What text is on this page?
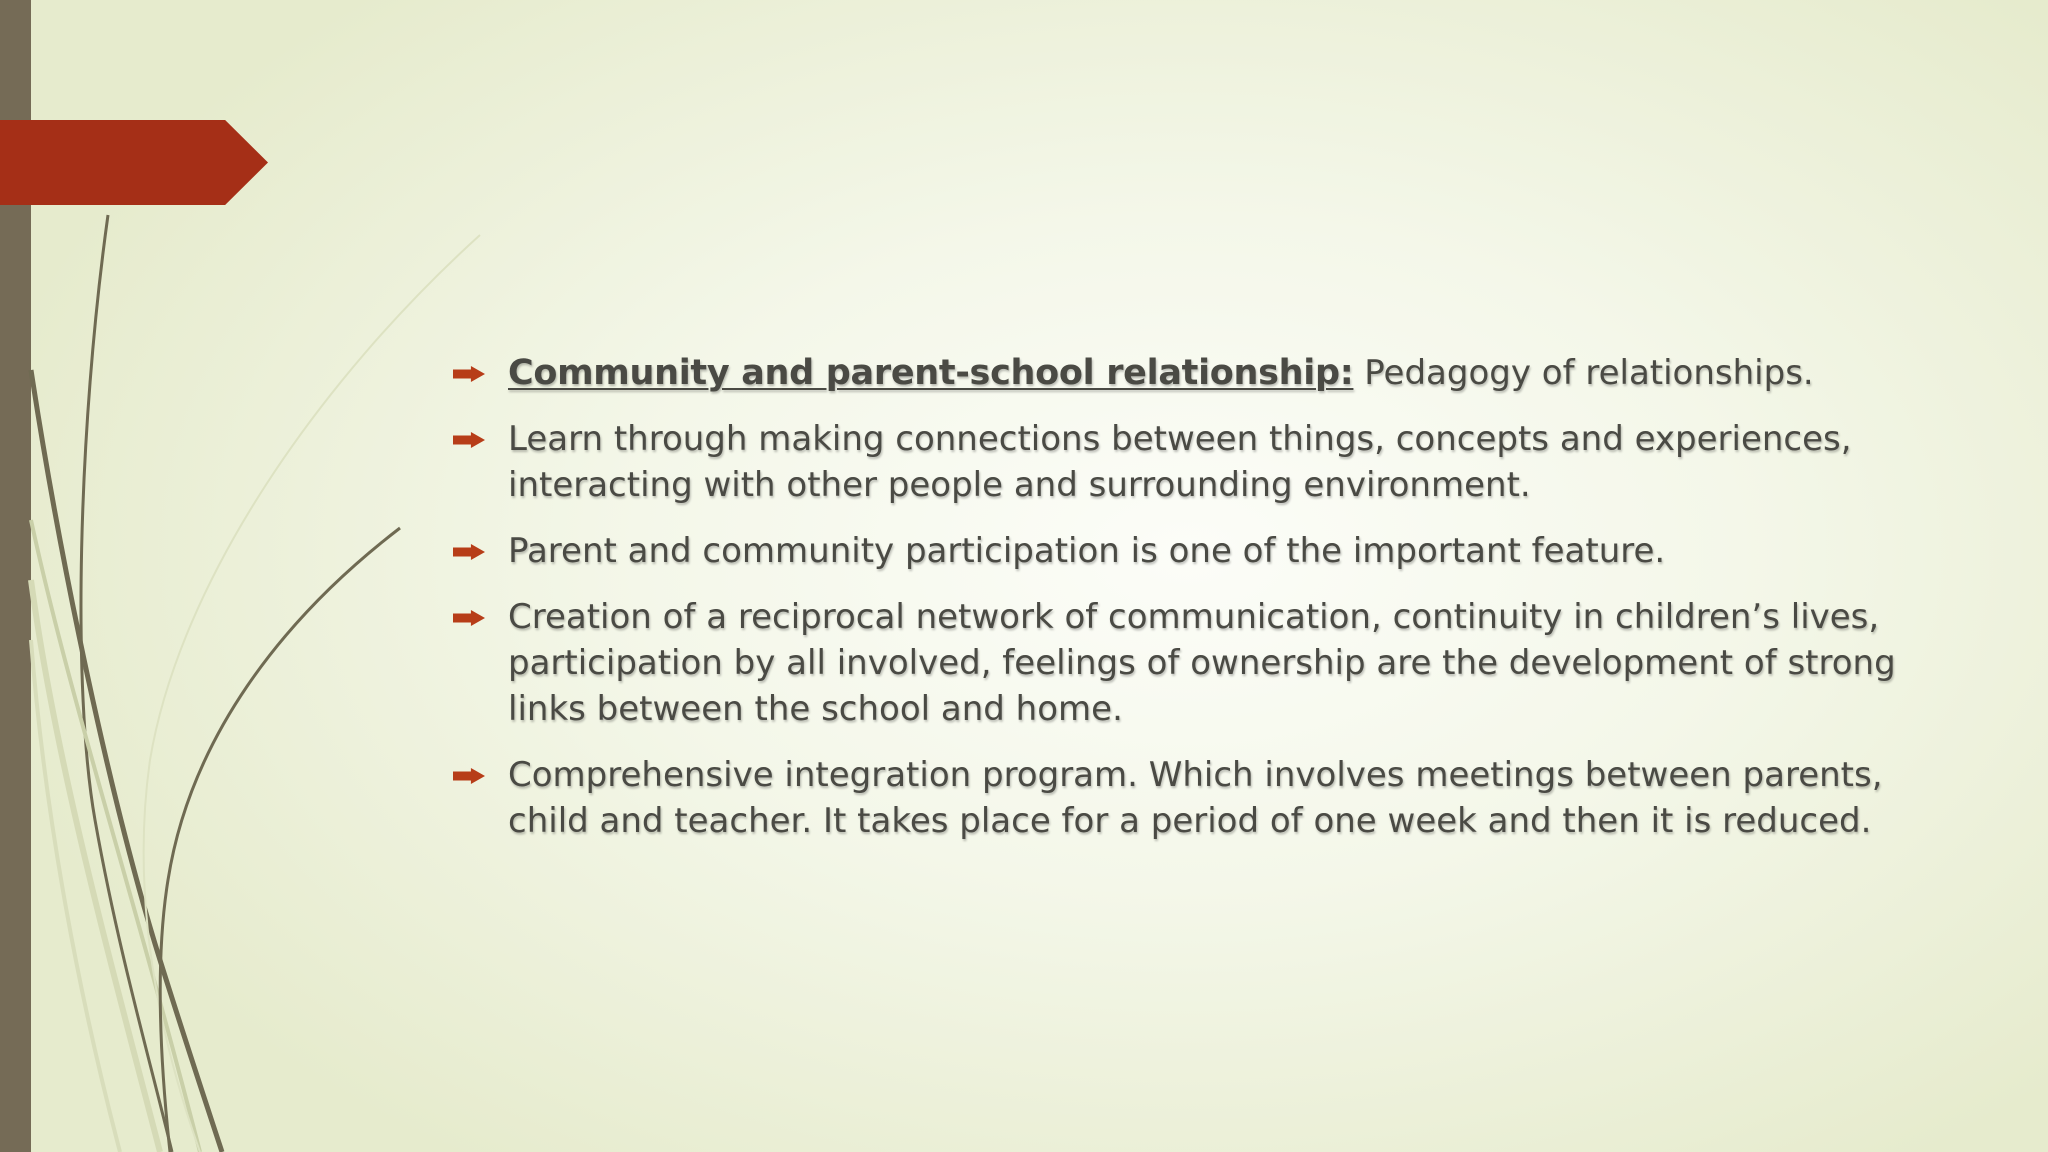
Community and parent-school relationship: Pedagogy of relationships.
Learn through making connections between things, concepts and experiences, interacting with other people and surrounding environment.
Parent and community participation is one of the important feature.
Creation of a reciprocal network of communication, continuity in children’s lives, participation by all involved, feelings of ownership are the development of strong links between the school and home.
Comprehensive integration program. Which involves meetings between parents, child and teacher. It takes place for a period of one week and then it is reduced.
